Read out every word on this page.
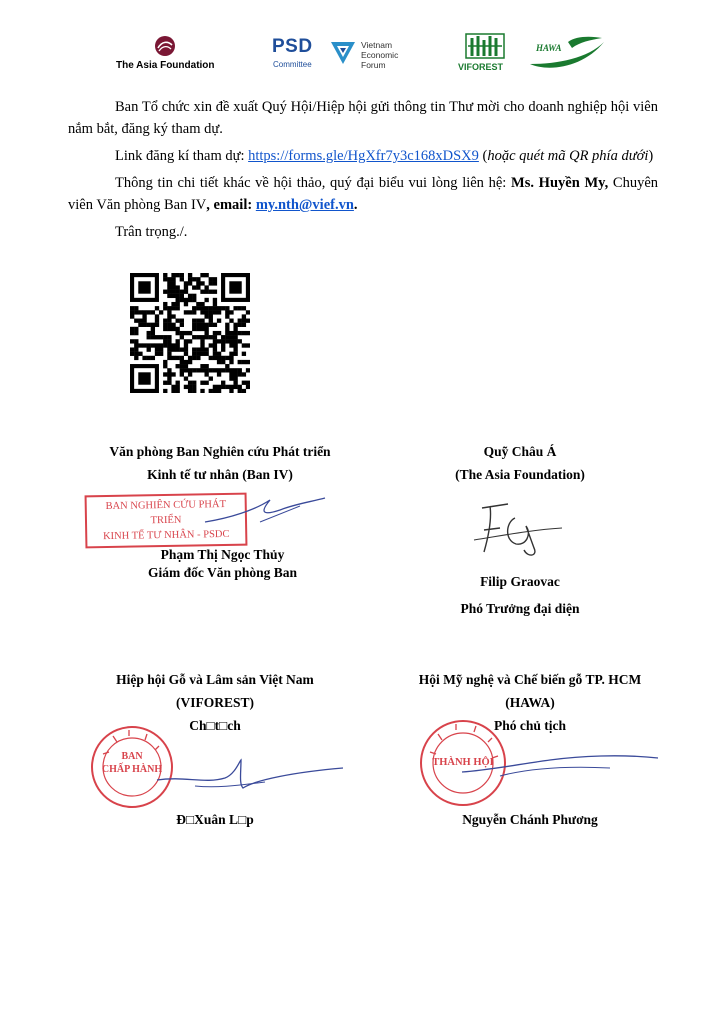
The Asia Foundation
PSD
Committee
Vietnam
Economic
Forum	VIFOREST
HAWA
Ban Tổ chức xin đề xuất Quý Hội/Hiệp hội gửi thông tin Thư mời cho doanh nghiệp hội viên nắm bắt, đăng ký tham dự.
Link đăng kí tham dự: https://forms.gle/HgXfr7y3c168xDSX9 (hoặc quét mã QR phía dưới)
Thông tin chi tiết khác về hội thảo, quý đại biểu vui lòng liên hệ: Ms. Huyền My, Chuyên viên Văn phòng Ban IV, email: my.nth@vief.vn.
Trân trọng./.
Văn phòng Ban Nghiên cứu Phát triển
Kinh tế tư nhân (Ban IV)
BAN NGHIÊN CỨU PHÁT TRIỂN
KINH TẾ TƯ NHÂN - PSDC
Phạm Thị Ngọc Thủy
Giám đốc Văn phòng Ban
Quỹ Châu Á
(The Asia Foundation)
Filip Graovac
Phó Trưởng đại diện
Hiệp hội Gỗ và Lâm sản Việt Nam
(VIFOREST)
Ch□t□ch
BAN
CHẤP HÀNH
Đ□Xuân L□p
Hội Mỹ nghệ và Chế biến gỗ TP. HCM
(HAWA)
Phó chủ tịch
THÀNH HỘI
Nguyễn Chánh Phương
